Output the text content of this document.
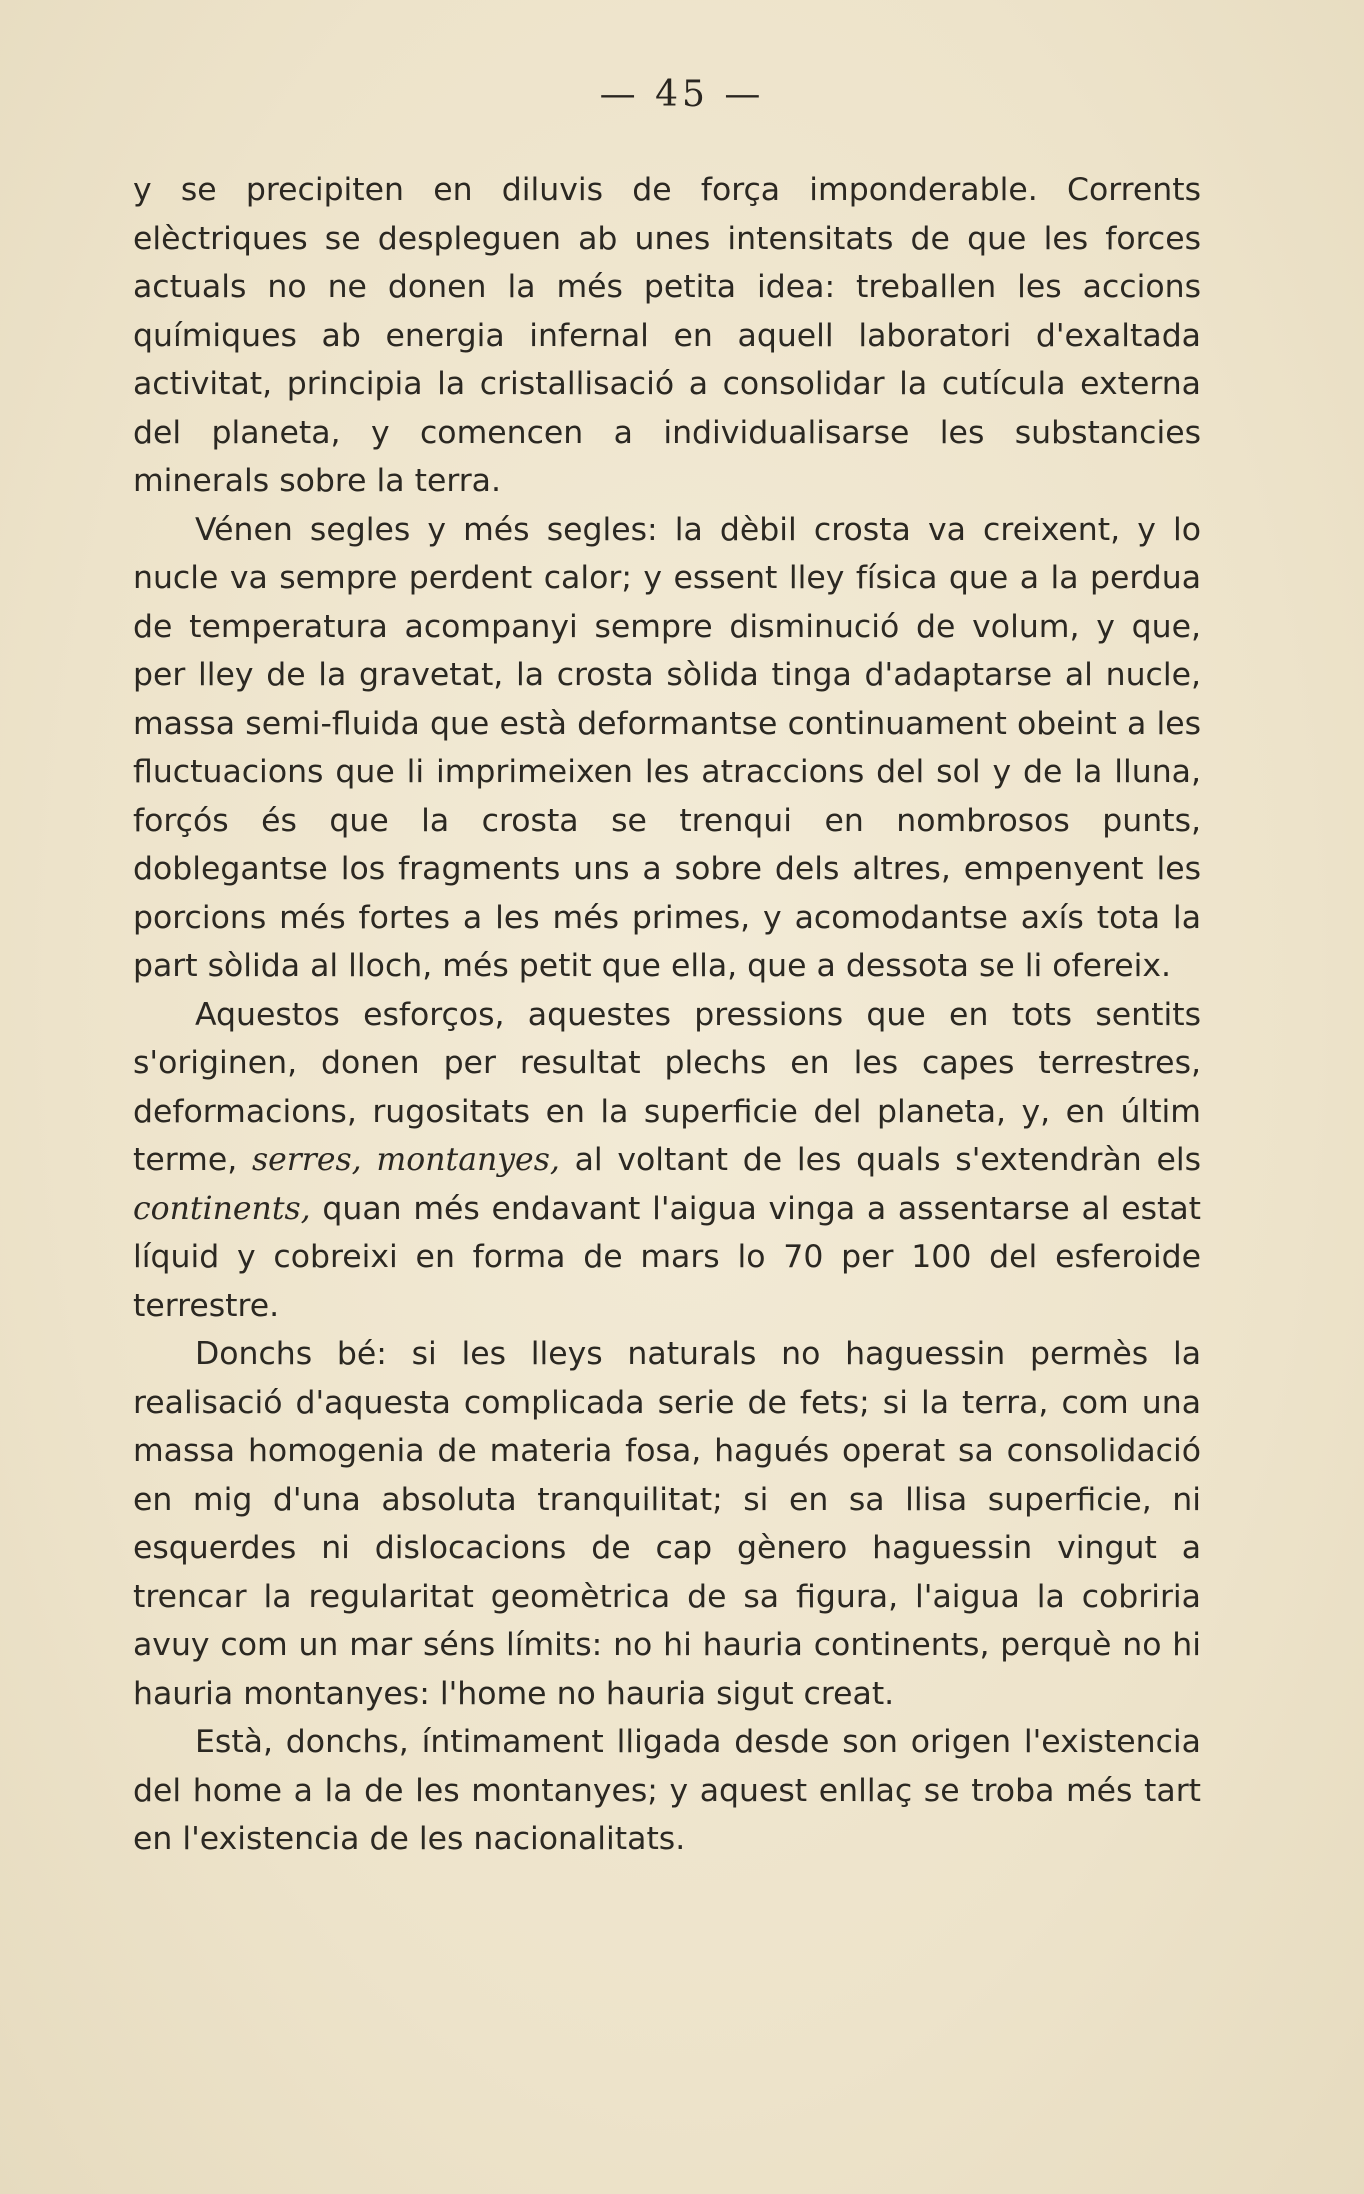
— 45 —

y se precipiten en diluvis de força imponderable. Corrents elèctriques se despleguen ab unes intensitats de que les forces actuals no ne donen la més petita idea: treballen les accions químiques ab energia infernal en aquell laboratori d'exaltada activitat, principia la cristallisació a consolidar la cutícula externa del planeta, y comencen a individualisarse les substancies minerals sobre la terra.

Vénen segles y més segles: la dèbil crosta va creixent, y lo nucle va sempre perdent calor; y essent lley física que a la perdua de temperatura acompanyi sempre disminució de volum, y que, per lley de la gravetat, la crosta sòlida tinga d'adaptarse al nucle, massa semi-fluida que està deformantse continuament obeint a les fluctuacions que li imprimeixen les atraccions del sol y de la lluna, forçós és que la crosta se trenqui en nombrosos punts, doblegantse los fragments uns a sobre dels altres, empenyent les porcions més fortes a les més primes, y acomodantse axís tota la part sòlida al lloch, més petit que ella, que a dessota se li ofereix.

Aquestos esforços, aquestes pressions que en tots sentits s'originen, donen per resultat plechs en les capes terrestres, deformacions, rugositats en la superficie del planeta, y, en últim terme, serres, montanyes, al voltant de les quals s'extendràn els continents, quan més endavant l'aigua vinga a assentarse al estat líquid y cobreixi en forma de mars lo 70 per 100 del esferoide terrestre.

Donchs bé: si les lleys naturals no haguessin permès la realisació d'aquesta complicada serie de fets; si la terra, com una massa homogenia de materia fosa, hagués operat sa consolidació en mig d'una absoluta tranquilitat; si en sa llisa superficie, ni esquerdes ni dislocacions de cap gènero haguessin vingut a trencar la regularitat geomètrica de sa figura, l'aigua la cobriria avuy com un mar séns límits: no hi hauria continents, perquè no hi hauria montanyes: l'home no hauria sigut creat.

Està, donchs, íntimament lligada desde son origen l'existencia del home a la de les montanyes; y aquest enllaç se troba més tart en l'existencia de les nacionalitats.
